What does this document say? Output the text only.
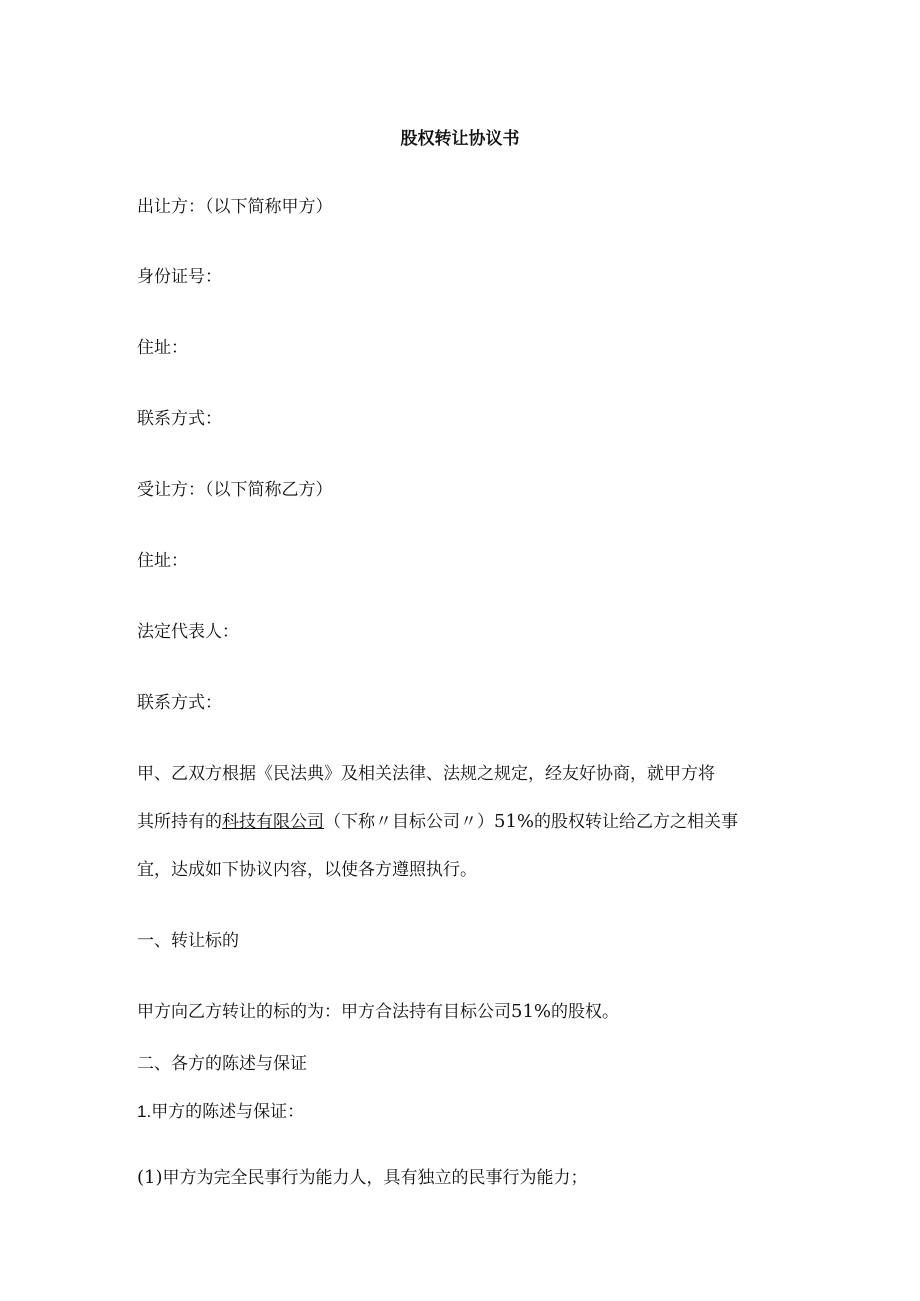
股权转让协议书

出让方：（以下简称甲方）

身份证号：

住址：

联系方式：

受让方：（以下简称乙方）

住址：

法定代表人：

联系方式：

甲、乙双方根据《民法典》及相关法律、法规之规定，经友好协商，就甲方将

其所持有的科技有限公司（下称〃目标公司〃）51%的股权转让给乙方之相关事

宜，达成如下协议内容，以使各方遵照执行。

一、转让标的

甲方向乙方转让的标的为：甲方合法持有目标公司51%的股权。

二、各方的陈述与保证

1.甲方的陈述与保证：

(1)甲方为完全民事行为能力人，具有独立的民事行为能力；
